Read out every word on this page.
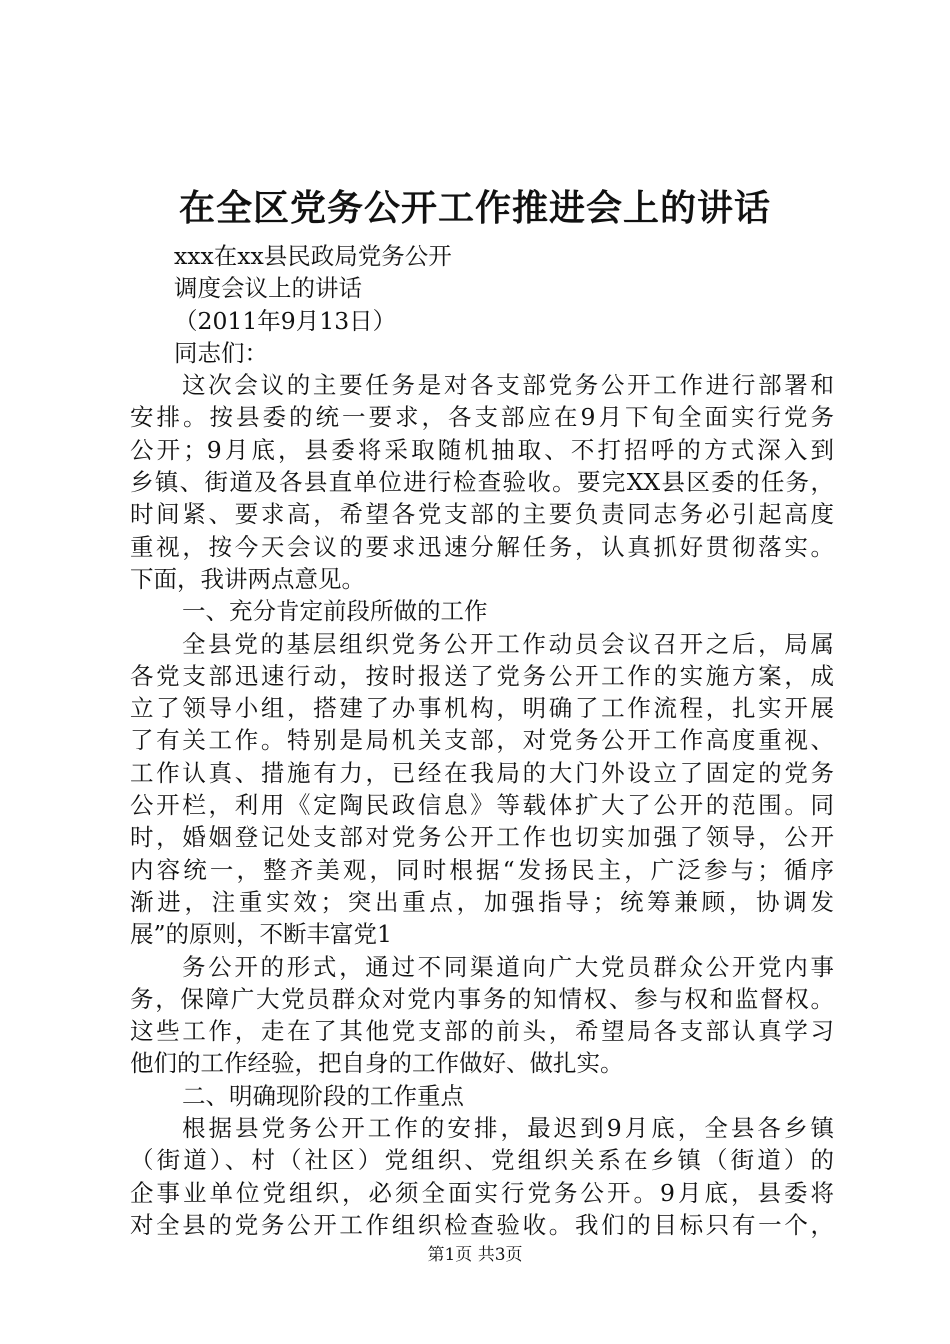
在全区党务公开工作推进会上的讲话
xxx在xx县民政局党务公开
调度会议上的讲话
（2011年9月13日）
同志们：
这次会议的主要任务是对各支部党务公开工作进行部署和
安排。按县委的统一要求，各支部应在9月下旬全面实行党务
公开；9月底，县委将采取随机抽取、不打招呼的方式深入到
乡镇、街道及各县直单位进行检查验收。要完XX县区委的任务，
时间紧、要求高，希望各党支部的主要负责同志务必引起高度
重视，按今天会议的要求迅速分解任务，认真抓好贯彻落实。
下面，我讲两点意见。
一、充分肯定前段所做的工作
全县党的基层组织党务公开工作动员会议召开之后，局属
各党支部迅速行动，按时报送了党务公开工作的实施方案，成
立了领导小组，搭建了办事机构，明确了工作流程，扎实开展
了有关工作。特别是局机关支部，对党务公开工作高度重视、
工作认真、措施有力，已经在我局的大门外设立了固定的党务
公开栏，利用《定陶民政信息》等载体扩大了公开的范围。同
时，婚姻登记处支部对党务公开工作也切实加强了领导，公开
内容统一，整齐美观，同时根据“发扬民主，广泛参与；循序
渐进，注重实效；突出重点，加强指导；统筹兼顾，协调发
展”的原则，不断丰富党1
务公开的形式，通过不同渠道向广大党员群众公开党内事
务，保障广大党员群众对党内事务的知情权、参与权和监督权。
这些工作，走在了其他党支部的前头，希望局各支部认真学习
他们的工作经验，把自身的工作做好、做扎实。
二、明确现阶段的工作重点
根据县党务公开工作的安排，最迟到9月底，全县各乡镇
（街道）、村（社区）党组织、党组织关系在乡镇（街道）的
企事业单位党组织，必须全面实行党务公开。9月底，县委将
对全县的党务公开工作组织检查验收。我们的目标只有一个，
第1页 共3页
